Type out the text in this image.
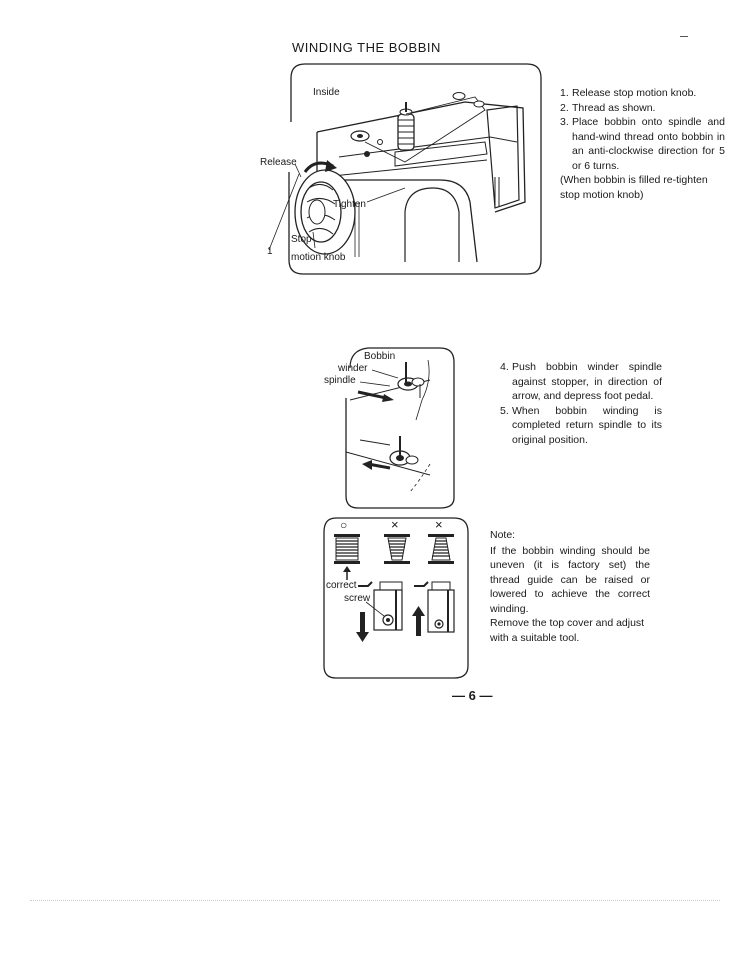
WINDING THE BOBBIN
Inside
Release
Tighten
Stop
motion knob
1
1. Release stop motion knob.
2. Thread as shown.
3. Place bobbin onto spindle and hand-wind thread onto bobbin in an anti-clockwise direction for 5 or 6 turns.

(When bobbin is filled re-tighten stop motion knob)

Bobbin
winder
spindle
4. Push bobbin winder spindle against stopper, in direction of arrow, and depress foot pedal.
5. When bobbin winding is completed return spindle to its original position.
○	×	×
correct
screw

Note:

If the bobbin winding should be uneven (it is factory set) the thread guide can be raised or lowered to achieve the correct winding.

Remove the top cover and adjust with a suitable tool.

— 6 —
